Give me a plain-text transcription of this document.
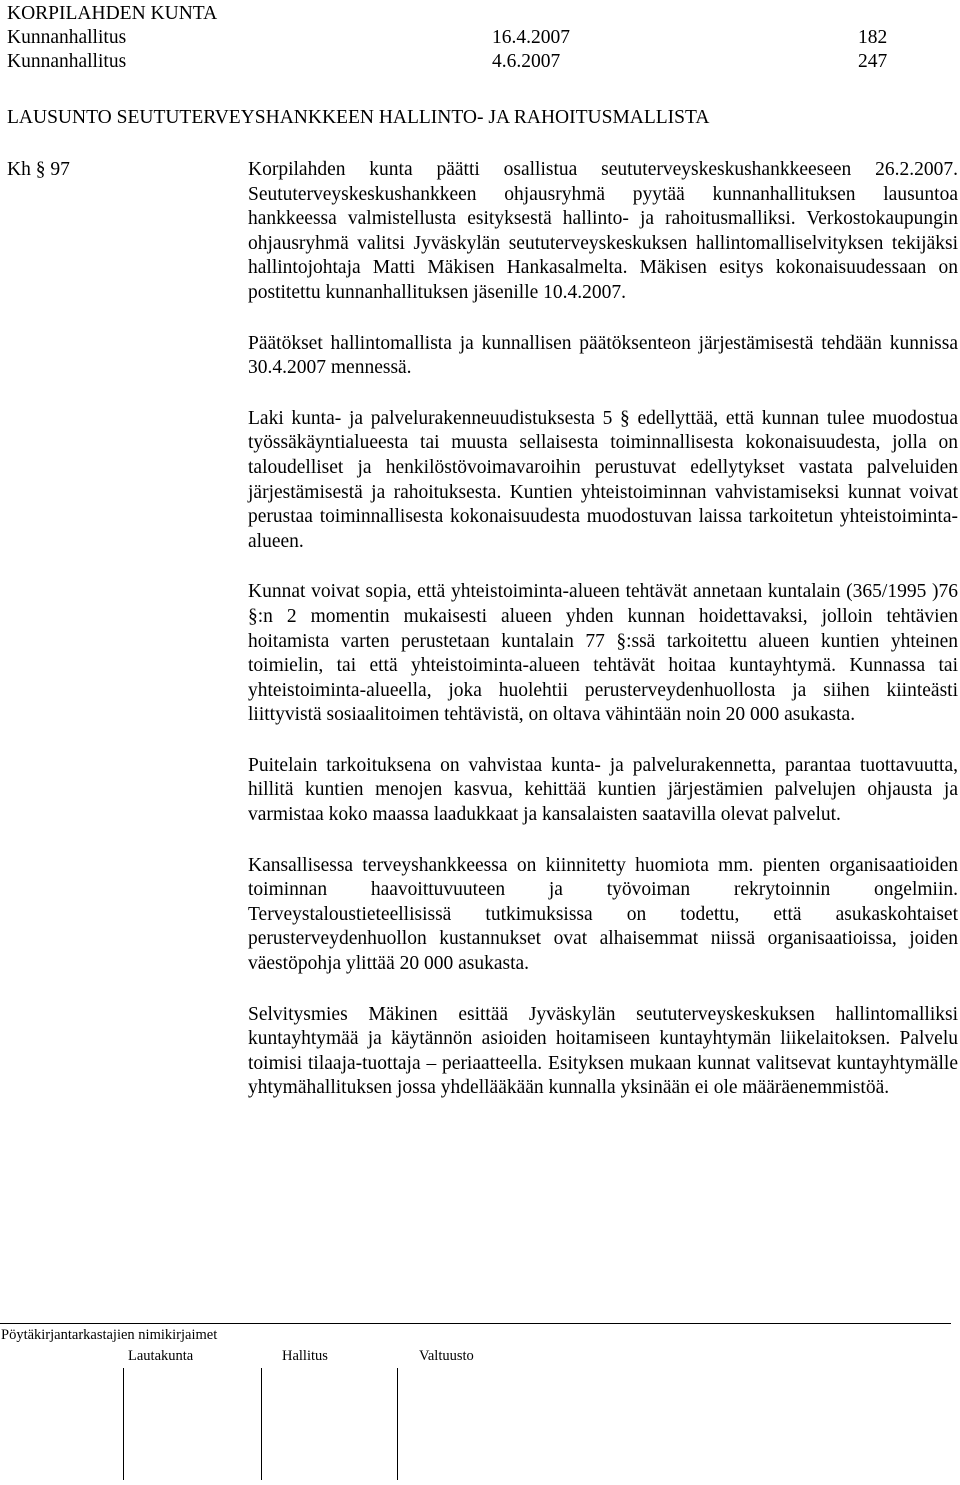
KORPILAHDEN KUNTA
Kunnanhallitus	16.4.2007	182
Kunnanhallitus	4.6.2007	247
LAUSUNTO SEUTUTERVEYSHANKKEEN HALLINTO- JA RAHOITUSMALLISTA
Kh § 97	Korpilahden kunta päätti osallistua seututerveyskeskushankkeeseen 26.2.2007. Seututerveyskeskushankkeen ohjausryhmä pyytää kunnanhallituksen lausuntoa hankkeessa valmistellusta esityksestä hallinto- ja rahoitusmalliksi. Verkostokaupungin ohjausryhmä valitsi Jyväskylän seututerveyskeskuksen hallintomalliselvityksen tekijäksi hallintojohtaja Matti Mäkisen Hankasalmelta. Mäkisen esitys kokonaisuudessaan on postitettu kunnanhallituksen jäsenille 10.4.2007.

Päätökset hallintomallista ja kunnallisen päätöksenteon järjestämisestä tehdään kunnissa 30.4.2007 mennessä.

Laki kunta- ja palvelurakenneuudistuksesta 5 § edellyttää, että kunnan tulee muodostua työssäkäyntialueesta tai muusta sellaisesta toiminnallisesta kokonaisuudesta, jolla on taloudelliset ja henkilöstövoimavaroihin perustuvat edellytykset vastata palveluiden järjestämisestä ja rahoituksesta. Kuntien yhteistoiminnan vahvistamiseksi kunnat voivat perustaa toiminnallisesta kokonaisuudesta muodostuvan laissa tarkoitetun yhteistoiminta-alueen.

Kunnat voivat sopia, että yhteistoiminta-alueen tehtävät annetaan kuntalain (365/1995 )76 §:n 2 momentin mukaisesti alueen yhden kunnan hoidettavaksi, jolloin tehtävien hoitamista varten perustetaan kuntalain 77 §:ssä tarkoitettu alueen kuntien yhteinen toimielin, tai että yhteistoiminta-alueen tehtävät hoitaa kuntayhtymä. Kunnassa tai yhteistoiminta-alueella, joka huolehtii perusterveydenhuollosta ja siihen kiinteästi liittyvistä sosiaalitoimen tehtävistä, on oltava vähintään noin 20 000 asukasta.

Puitelain tarkoituksena on vahvistaa kunta- ja palvelurakennetta, parantaa tuottavuutta, hillitä kuntien menojen kasvua, kehittää kuntien järjestämien palvelujen ohjausta ja varmistaa koko maassa laadukkaat ja kansalaisten saatavilla olevat palvelut.

Kansallisessa terveyshankkeessa on kiinnitetty huomiota mm. pienten organisaatioiden toiminnan haavoittuvuuteen ja työvoiman rekrytoinnin ongelmiin. Terveystaloustieteellisissä tutkimuksissa on todettu, että asukaskohtaiset perusterveydenhuollon kustannukset ovat alhaisemmat niissä organisaatioissa, joiden väestöpohja ylittää 20 000 asukasta.

Selvitysmies Mäkinen esittää Jyväskylän seututerveyskeskuksen hallintomalliksi kuntayhtymää ja käytännön asioiden hoitamiseen kuntayhtymän liikelaitoksen. Palvelu toimisi tilaaja-tuottaja – periaatteella. Esityksen mukaan kunnat valitsevat kuntayhtymälle yhtymähallituksen jossa yhdellääkään kunnalla yksinään ei ole määräenemmistöä.

Pöytäkirjantarkastajien nimikirjaimet
Lautakunta	Hallitus	Valtuusto
